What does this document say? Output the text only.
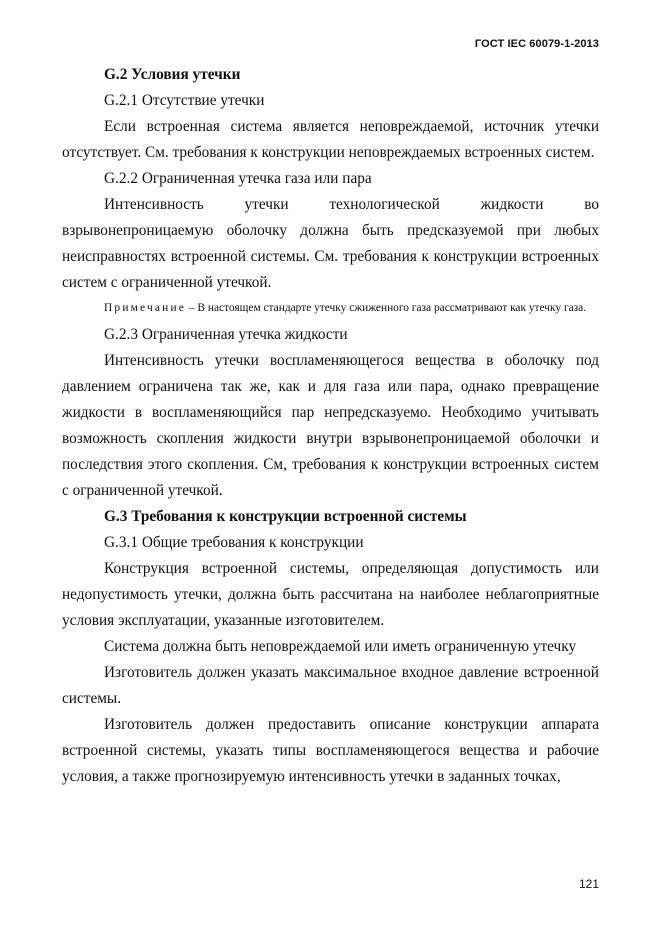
ГОСТ IEC 60079-1-2013

G.2 Условия утечки

G.2.1 Отсутствие утечки

Если встроенная система является неповреждаемой, источник утечки отсутствует. См. требования к конструкции неповреждаемых встроенных систем.

G.2.2 Ограниченная утечка газа или пара

Интенсивность утечки технологической жидкости во взрывонепроницаемую оболочку должна быть предсказуемой при любых неисправностях встроенной системы. См. требования к конструкции встроенных систем с ограниченной утечкой.

Примечание – В настоящем стандарте утечку сжиженного газа рассматривают как утечку газа.

G.2.3 Ограниченная утечка жидкости

Интенсивность утечки воспламеняющегося вещества в оболочку под давлением ограничена так же, как и для газа или пара, однако превращение жидкости в воспламеняющийся пар непредсказуемо. Необходимо учитывать возможность скопления жидкости внутри взрывонепроницаемой оболочки и последствия этого скопления. См, требования к конструкции встроенных систем с ограниченной утечкой.

G.3 Требования к конструкции встроенной системы

G.3.1 Общие требования к конструкции

Конструкция встроенной системы, определяющая допустимость или недопустимость утечки, должна быть рассчитана на наиболее неблагоприятные условия эксплуатации, указанные изготовителем.

Система должна быть неповреждаемой или иметь ограниченную утечку

Изготовитель должен указать максимальное входное давление встроенной системы.

Изготовитель должен предоставить описание конструкции аппарата встроенной системы, указать типы воспламеняющегося вещества и рабочие условия, а также прогнозируемую интенсивность утечки в заданных точках,

121
